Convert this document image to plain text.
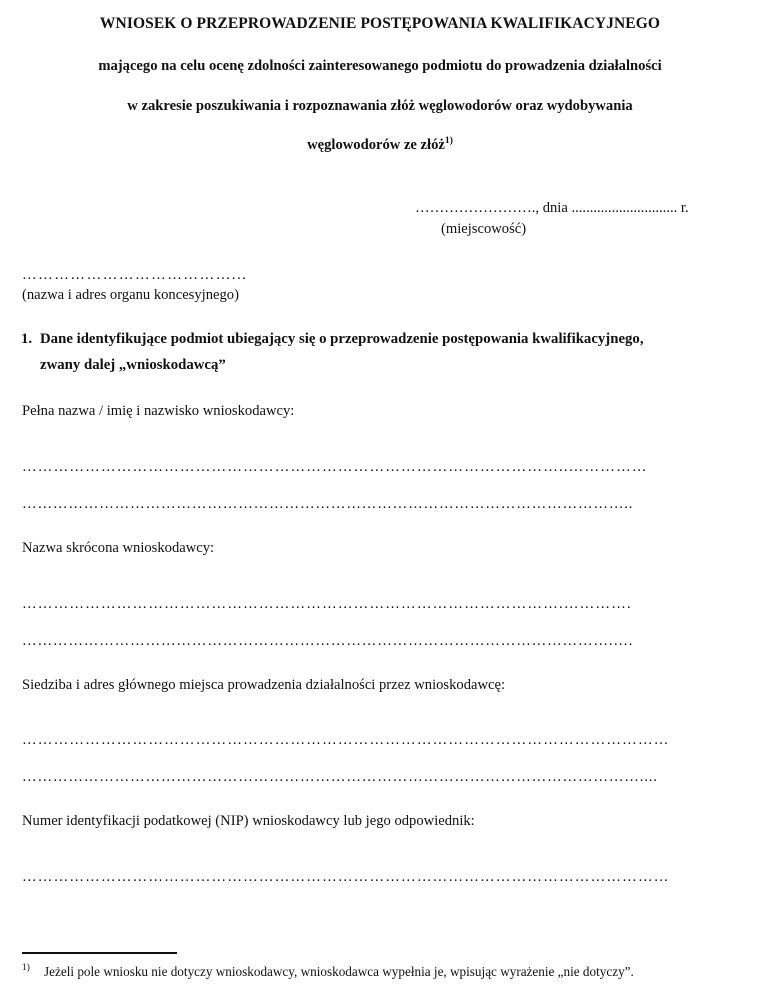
WNIOSEK O PRZEPROWADZENIE POSTĘPOWANIA KWALIFIKACYJNEGO
mającego na celu ocenę zdolności zainteresowanego podmiotu do prowadzenia działalności
w zakresie poszukiwania i rozpoznawania złóż węglowodorów oraz wydobywania
węglowodorów ze złóż$^{1)}$
……………………., dnia ............................. r.
(miejscowość)
…………………………………...
(nazwa i adres organu koncesyjnego)
1. Dane identyfikujące podmiot ubiegający się o przeprowadzenie postępowania kwalifikacyjnego,
zwany dalej „wnioskodawcą”
Pełna nazwa / imię i nazwisko wnioskodawcy:
…………………………………………………………………………………………..……………
………………………………………………………………………………………………………..
Nazwa skrócona wnioskodawcy:
………………………………………………………………………………………….………….
…………………………………………………………………………………………………….….
Siedziba i adres głównego miejsca prowadzenia działalności przez wnioskodawcę:
……………………………………………………………………………………………………………
…………………………………………………………………………………………………………....
Numer identyfikacji podatkowej (NIP) wnioskodawcy lub jego odpowiednik:
……………………………………………………………………………………………………………
1) Jeżeli pole wniosku nie dotyczy wnioskodawcy, wnioskodawca wypełnia je, wpisując wyrażenie „nie dotyczy”.
